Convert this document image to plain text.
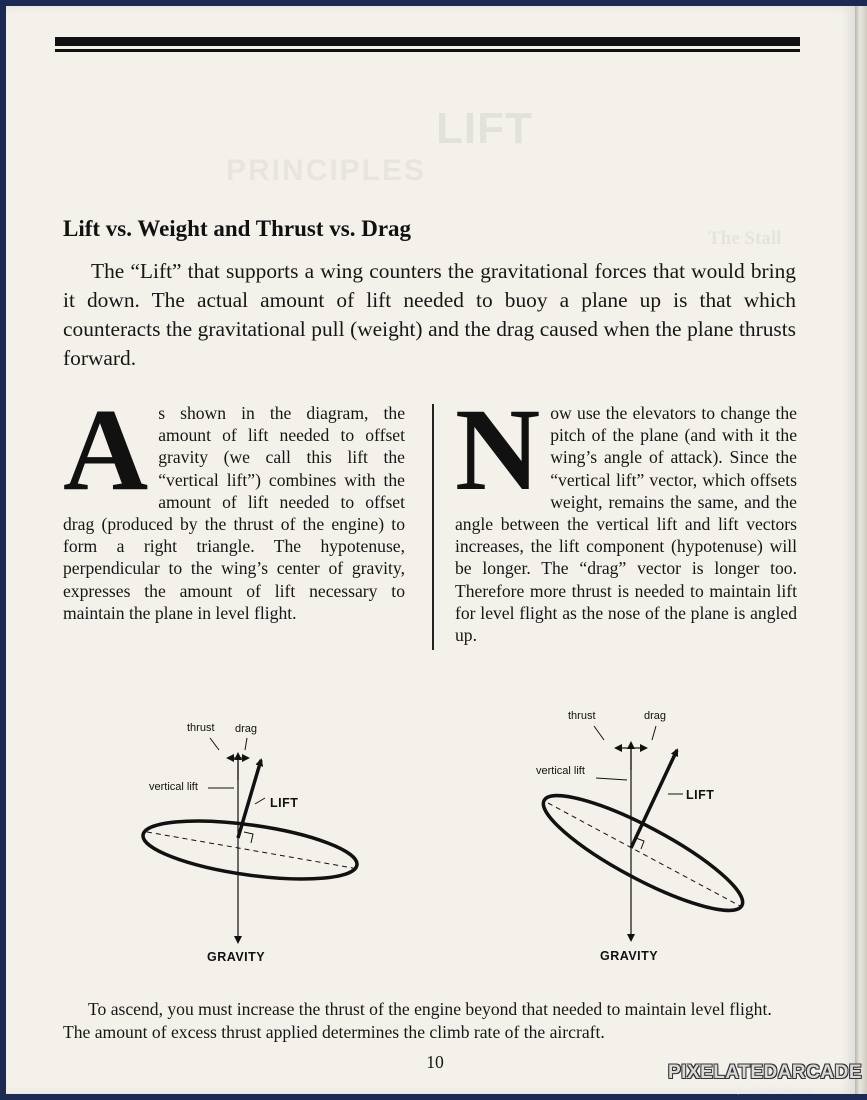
LIFT
PRINCIPLES
The Stall
Lift vs. Weight and Thrust vs. Drag

The “Lift” that supports a wing counters the gravitational forces that would bring it down. The actual amount of lift needed to buoy a plane up is that which counteracts the gravitational pull (weight) and the drag caused when the plane thrusts forward.

As shown in the diagram, the amount of lift needed to offset gravity (we call this lift the “vertical lift”) combines with the amount of lift needed to offset drag (produced by the thrust of the engine) to form a right triangle. The hypotenuse, perpendicular to the wing’s center of gravity, expresses the amount of lift necessary to maintain the plane in level flight.

Now use the elevators to change the pitch of the plane (and with it the wing’s angle of attack). Since the “vertical lift” vector, which offsets weight, remains the same, and the angle between the vertical lift and lift vectors increases, the lift component (hypotenuse) will be longer. The “drag” vector is longer too. Therefore more thrust is needed to maintain lift for level flight as the nose of the plane is angled up.

thrust drag
vertical lift
LIFT
GRAVITY
thrust	drag
vertical lift
LIFT
GRAVITY

To ascend, you must increase the thrust of the engine beyond that needed to maintain level flight. The amount of excess thrust applied determines the climb rate of the aircraft.

10	PIXELATEDARCADE
www.pixelatedarcade.com
